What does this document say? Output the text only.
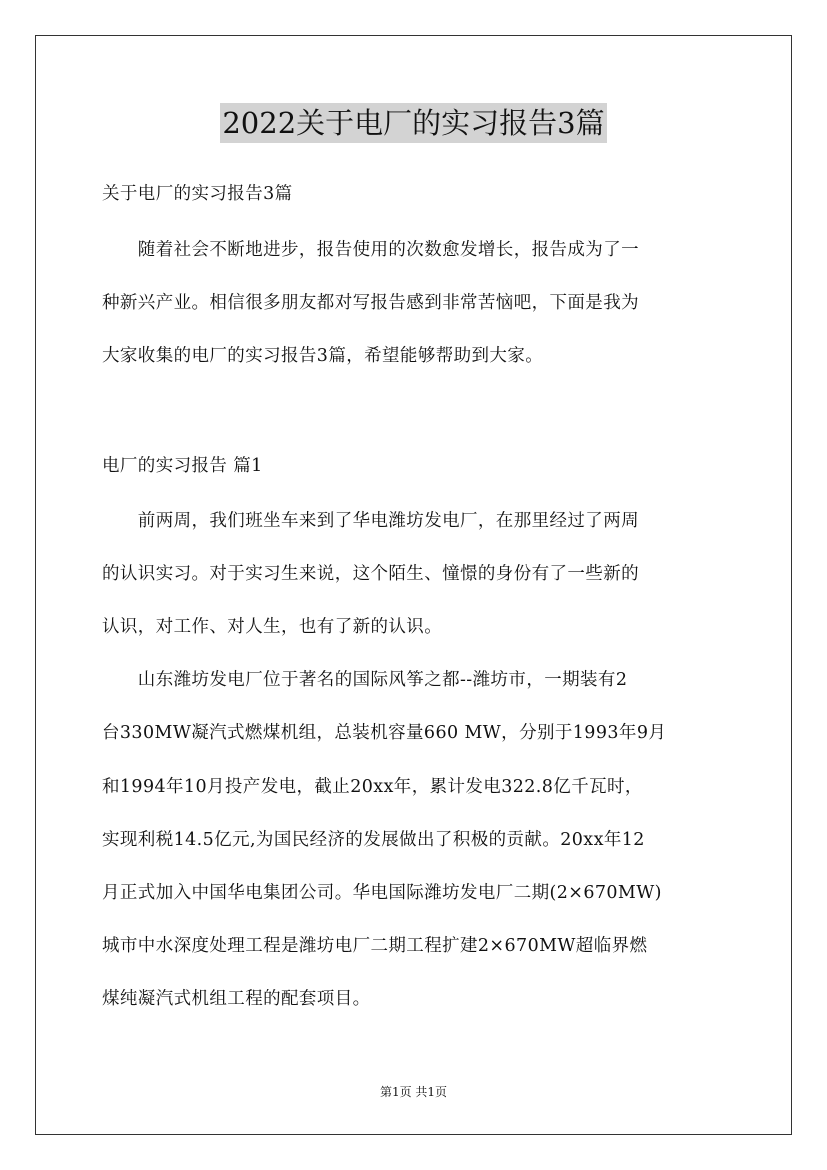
2022关于电厂的实习报告3篇
关于电厂的实习报告3篇
　　随着社会不断地进步，报告使用的次数愈发增长，报告成为了一
种新兴产业。相信很多朋友都对写报告感到非常苦恼吧，下面是我为
大家收集的电厂的实习报告3篇，希望能够帮助到大家。
电厂的实习报告 篇1
　　前两周，我们班坐车来到了华电潍坊发电厂，在那里经过了两周
的认识实习。对于实习生来说，这个陌生、憧憬的身份有了一些新的
认识，对工作、对人生，也有了新的认识。
　　山东潍坊发电厂位于著名的国际风筝之都--潍坊市，一期装有2
台330MW凝汽式燃煤机组，总装机容量660 MW，分别于1993年9月
和1994年10月投产发电，截止20xx年，累计发电322.8亿千瓦时，
实现利税14.5亿元,为国民经济的发展做出了积极的贡献。20xx年12
月正式加入中国华电集团公司。华电国际潍坊发电厂二期(2×670MW)
城市中水深度处理工程是潍坊电厂二期工程扩建2×670MW超临界燃
煤纯凝汽式机组工程的配套项目。
第1页 共1页
